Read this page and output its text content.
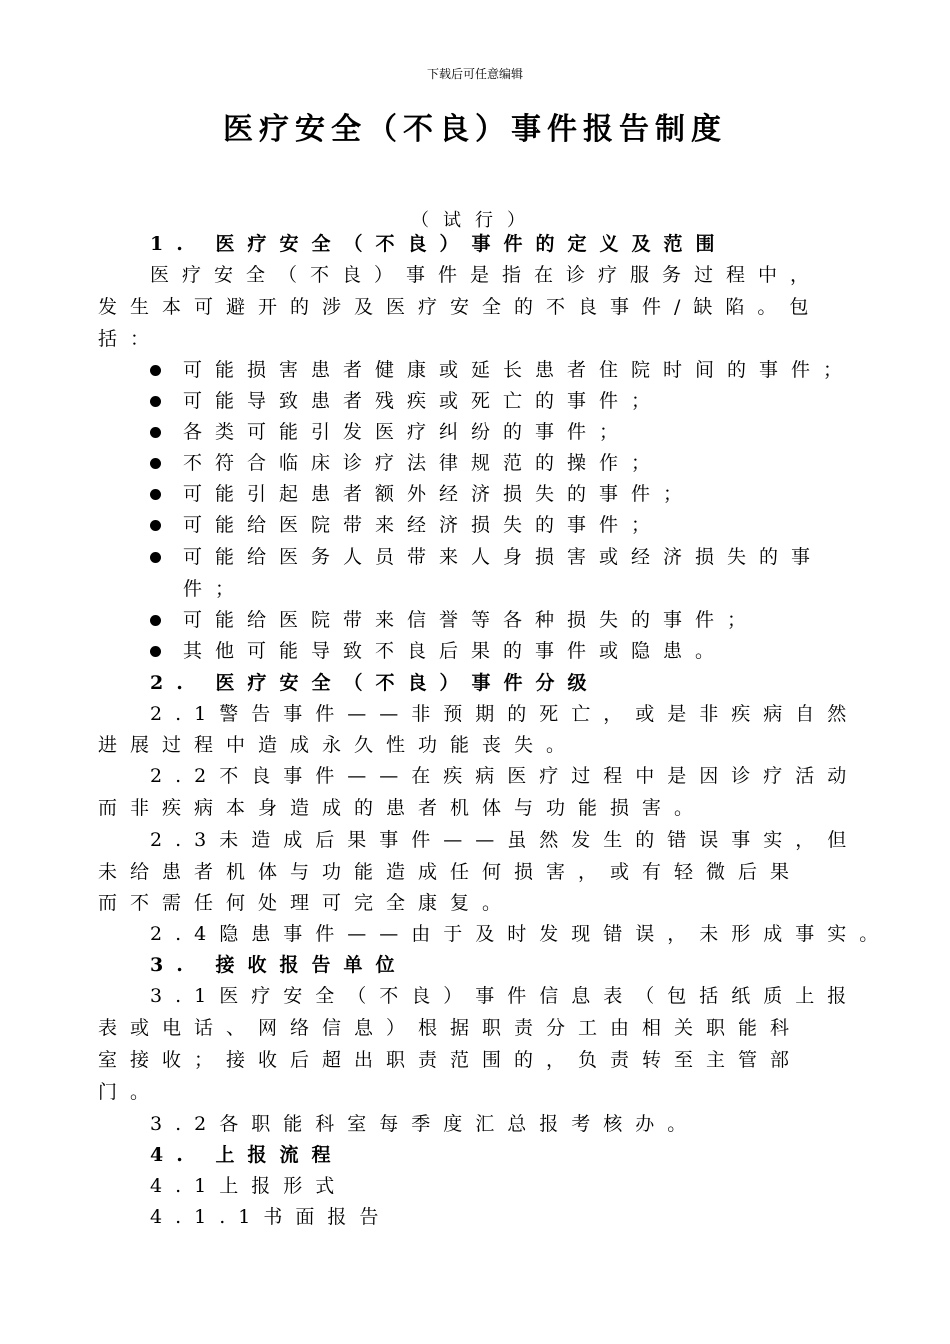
下载后可任意编辑
医疗安全（不良）事件报告制度
（试行）
1. 医疗安全（不良）事件的定义及范围
医疗安全（不良）事件是指在诊疗服务过程中，
发生本可避开的涉及医疗安全的不良事件/缺陷。包
括：
可能损害患者健康或延长患者住院时间的事件；
可能导致患者残疾或死亡的事件；
各类可能引发医疗纠纷的事件；
不符合临床诊疗法律规范的操作；
可能引起患者额外经济损失的事件；
可能给医院带来经济损失的事件；
可能给医务人员带来人身损害或经济损失的事
件；
可能给医院带来信誉等各种损失的事件；
其他可能导致不良后果的事件或隐患。
2. 医疗安全（不良）事件分级
2.1警告事件——非预期的死亡，或是非疾病自然
进展过程中造成永久性功能丧失。
2.2不良事件——在疾病医疗过程中是因诊疗活动
而非疾病本身造成的患者机体与功能损害。
2.3未造成后果事件——虽然发生的错误事实，但
未给患者机体与功能造成任何损害，或有轻微后果
而不需任何处理可完全康复。
2.4隐患事件——由于及时发现错误，未形成事实。
3. 接收报告单位
3.1医疗安全（不良）事件信息表（包括纸质上报
表或电话、网络信息）根据职责分工由相关职能科
室接收；接收后超出职责范围的，负责转至主管部
门。
3.2各职能科室每季度汇总报考核办。
4. 上报流程
4.1上报形式
4.1.1书面报告
